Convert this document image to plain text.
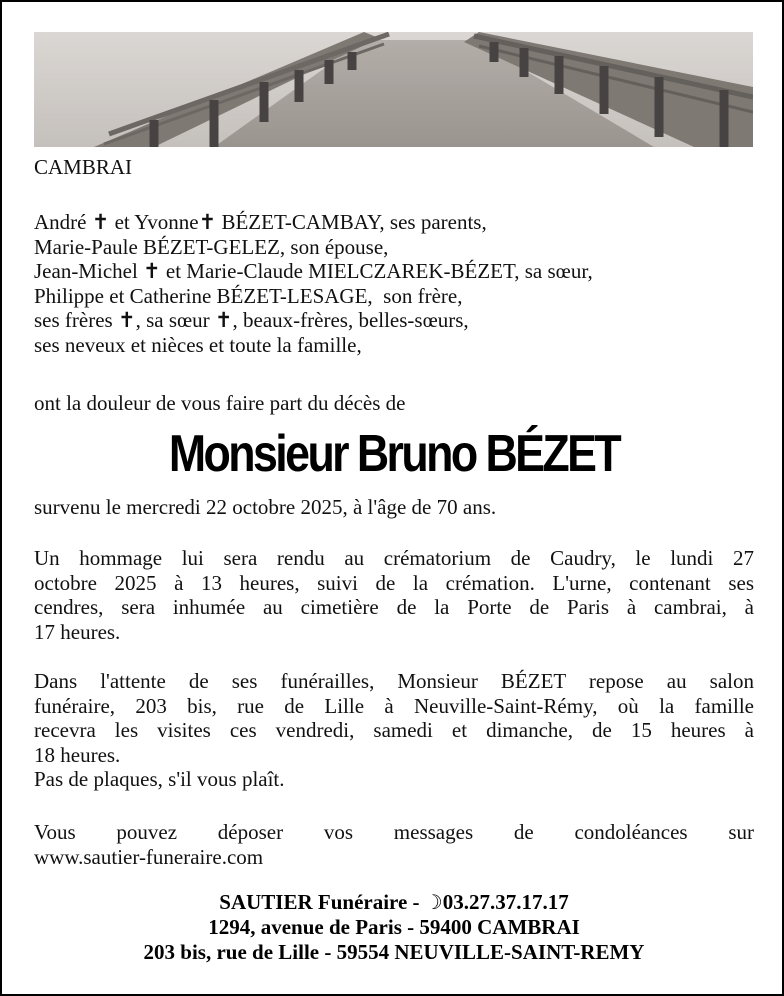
CAMBRAI
André ✝ et Yvonne✝ BÉZET-CAMBAY, ses parents,
Marie-Paule BÉZET-GELEZ, son épouse,
Jean-Michel ✝ et Marie-Claude MIELCZAREK-BÉZET, sa sœur,
Philippe et Catherine BÉZET-LESAGE,  son frère,
ses frères ✝, sa sœur ✝, beaux-frères, belles-sœurs,
ses neveux et nièces et toute la famille,
ont la douleur de vous faire part du décès de
Monsieur Bruno BÉZET
survenu le mercredi 22 octobre 2025, à l'âge de 70 ans.
Un hommage lui sera rendu au crématorium de Caudry, le lundi 27
octobre 2025 à 13 heures, suivi de la crémation. L'urne, contenant ses
cendres, sera inhumée au cimetière de la Porte de Paris à cambrai, à
17 heures.
Dans l'attente de ses funérailles, Monsieur BÉZET repose au salon
funéraire, 203 bis, rue de Lille à Neuville-Saint-Rémy, où la famille
recevra les visites ces vendredi, samedi et dimanche, de 15 heures à
18 heures.
Pas de plaques, s'il vous plaît.
Vous pouvez déposer vos messages de condoléances sur
www.sautier-funeraire.com
SAUTIER Funéraire - ☽03.27.37.17.17
1294, avenue de Paris - 59400 CAMBRAI
203 bis, rue de Lille - 59554 NEUVILLE-SAINT-REMY
